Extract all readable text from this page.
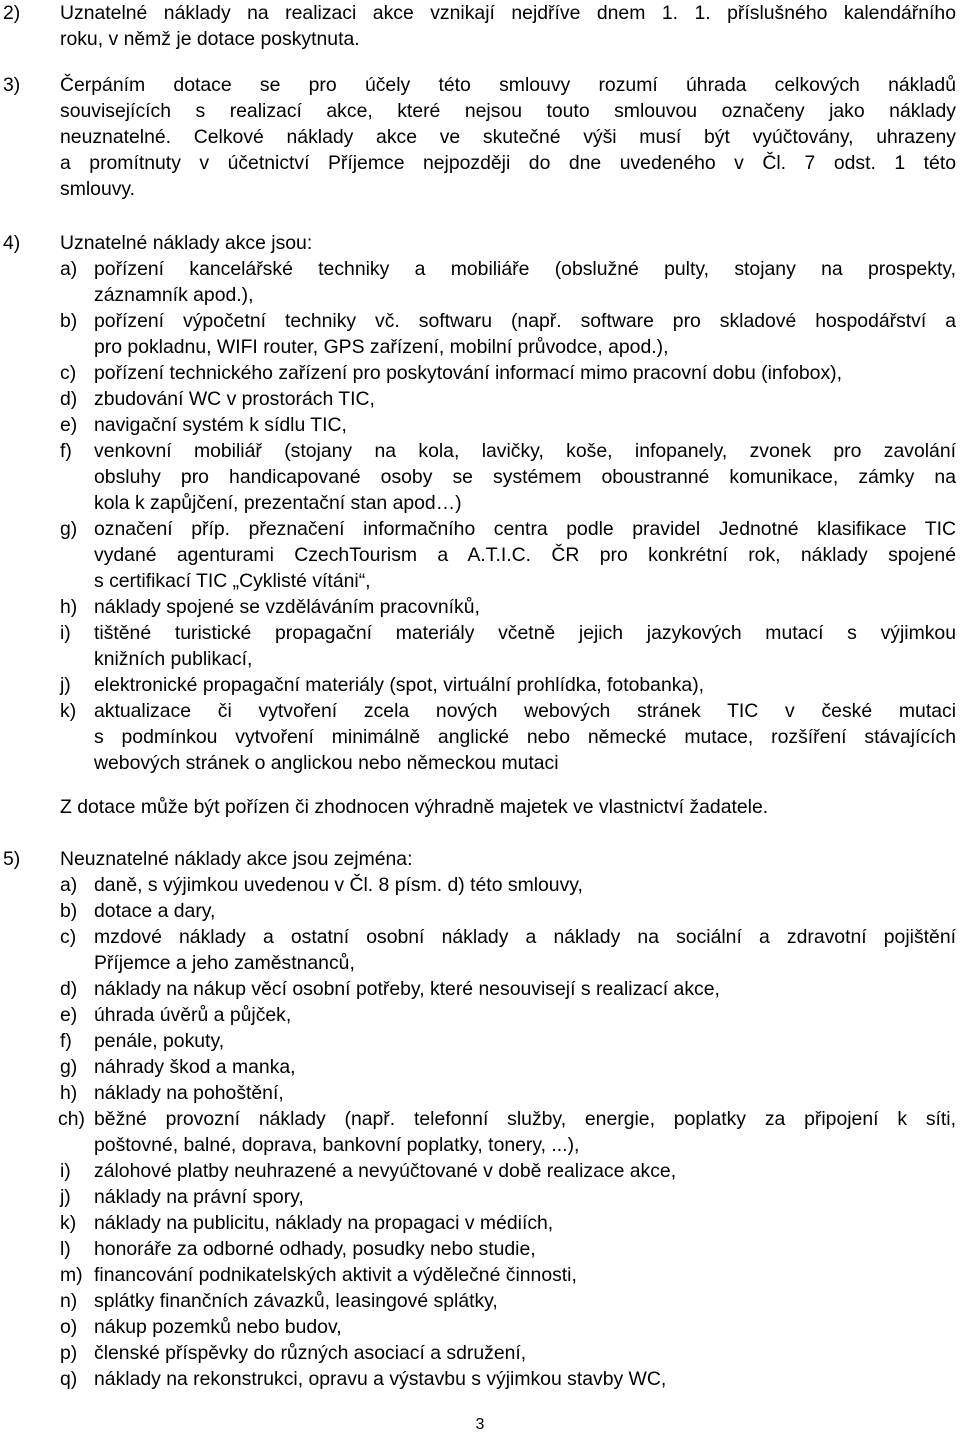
2) Uznatelné náklady na realizaci akce vznikají nejdříve dnem 1. 1. příslušného kalendářního
roku, v němž je dotace poskytnuta.
3) Čerpáním dotace se pro účely této smlouvy rozumí úhrada celkových nákladů
souvisejících s realizací akce, které nejsou touto smlouvou označeny jako náklady
neuznatelné. Celkové náklady akce ve skutečné výši musí být vyúčtovány, uhrazeny
a promítnuty v účetnictví Příjemce nejpozději do dne uvedeného v Čl. 7 odst. 1 této
smlouvy.
4) Uznatelné náklady akce jsou:
a) pořízení kancelářské techniky a mobiliáře (obslužné pulty, stojany na prospekty,
záznamník apod.),
b) pořízení výpočetní techniky vč. softwaru (např. software pro skladové hospodářství a
pro pokladnu, WIFI router, GPS zařízení, mobilní průvodce, apod.),
c) pořízení technického zařízení pro poskytování informací mimo pracovní dobu (infobox),
d) zbudování WC v prostorách TIC,
e) navigační systém k sídlu TIC,
f) venkovní mobiliář (stojany na kola, lavičky, koše, infopanely, zvonek pro zavolání
obsluhy pro handicapované osoby se systémem oboustranné komunikace, zámky na
kola k zapůjčení, prezentační stan apod…)
g) označení příp. přeznačení informačního centra podle pravidel Jednotné klasifikace TIC
vydané agenturami CzechTourism a A.T.I.C. ČR pro konkrétní rok, náklady spojené
s certifikací TIC „Cyklisté vítáni“,
h) náklady spojené se vzděláváním pracovníků,
i) tištěné turistické propagační materiály včetně jejich jazykových mutací s výjimkou
knižních publikací,
j) elektronické propagační materiály (spot, virtuální prohlídka, fotobanka),
k) aktualizace či vytvoření zcela nových webových stránek TIC v české mutaci
s podmínkou vytvoření minimálně anglické nebo německé mutace, rozšíření stávajících
webových stránek o anglickou nebo německou mutaci
Z dotace může být pořízen či zhodnocen výhradně majetek ve vlastnictví žadatele.
5) Neuznatelné náklady akce jsou zejména:
a) daně, s výjimkou uvedenou v Čl. 8 písm. d) této smlouvy,
b) dotace a dary,
c) mzdové náklady a ostatní osobní náklady a náklady na sociální a zdravotní pojištění
Příjemce a jeho zaměstnanců,
d) náklady na nákup věcí osobní potřeby, které nesouvisejí s realizací akce,
e) úhrada úvěrů a půjček,
f) penále, pokuty,
g) náhrady škod a manka,
h) náklady na pohoštění,
ch) běžné provozní náklady (např. telefonní služby, energie, poplatky za připojení k síti,
poštovné, balné, doprava, bankovní poplatky, tonery, ...),
i) zálohové platby neuhrazené a nevyúčtované v době realizace akce,
j) náklady na právní spory,
k) náklady na publicitu, náklady na propagaci v médiích,
l) honoráře za odborné odhady, posudky nebo studie,
m) financování podnikatelských aktivit a výdělečné činnosti,
n) splátky finančních závazků, leasingové splátky,
o) nákup pozemků nebo budov,
p) členské příspěvky do různých asociací a sdružení,
q) náklady na rekonstrukci, opravu a výstavbu s výjimkou stavby WC,
3
